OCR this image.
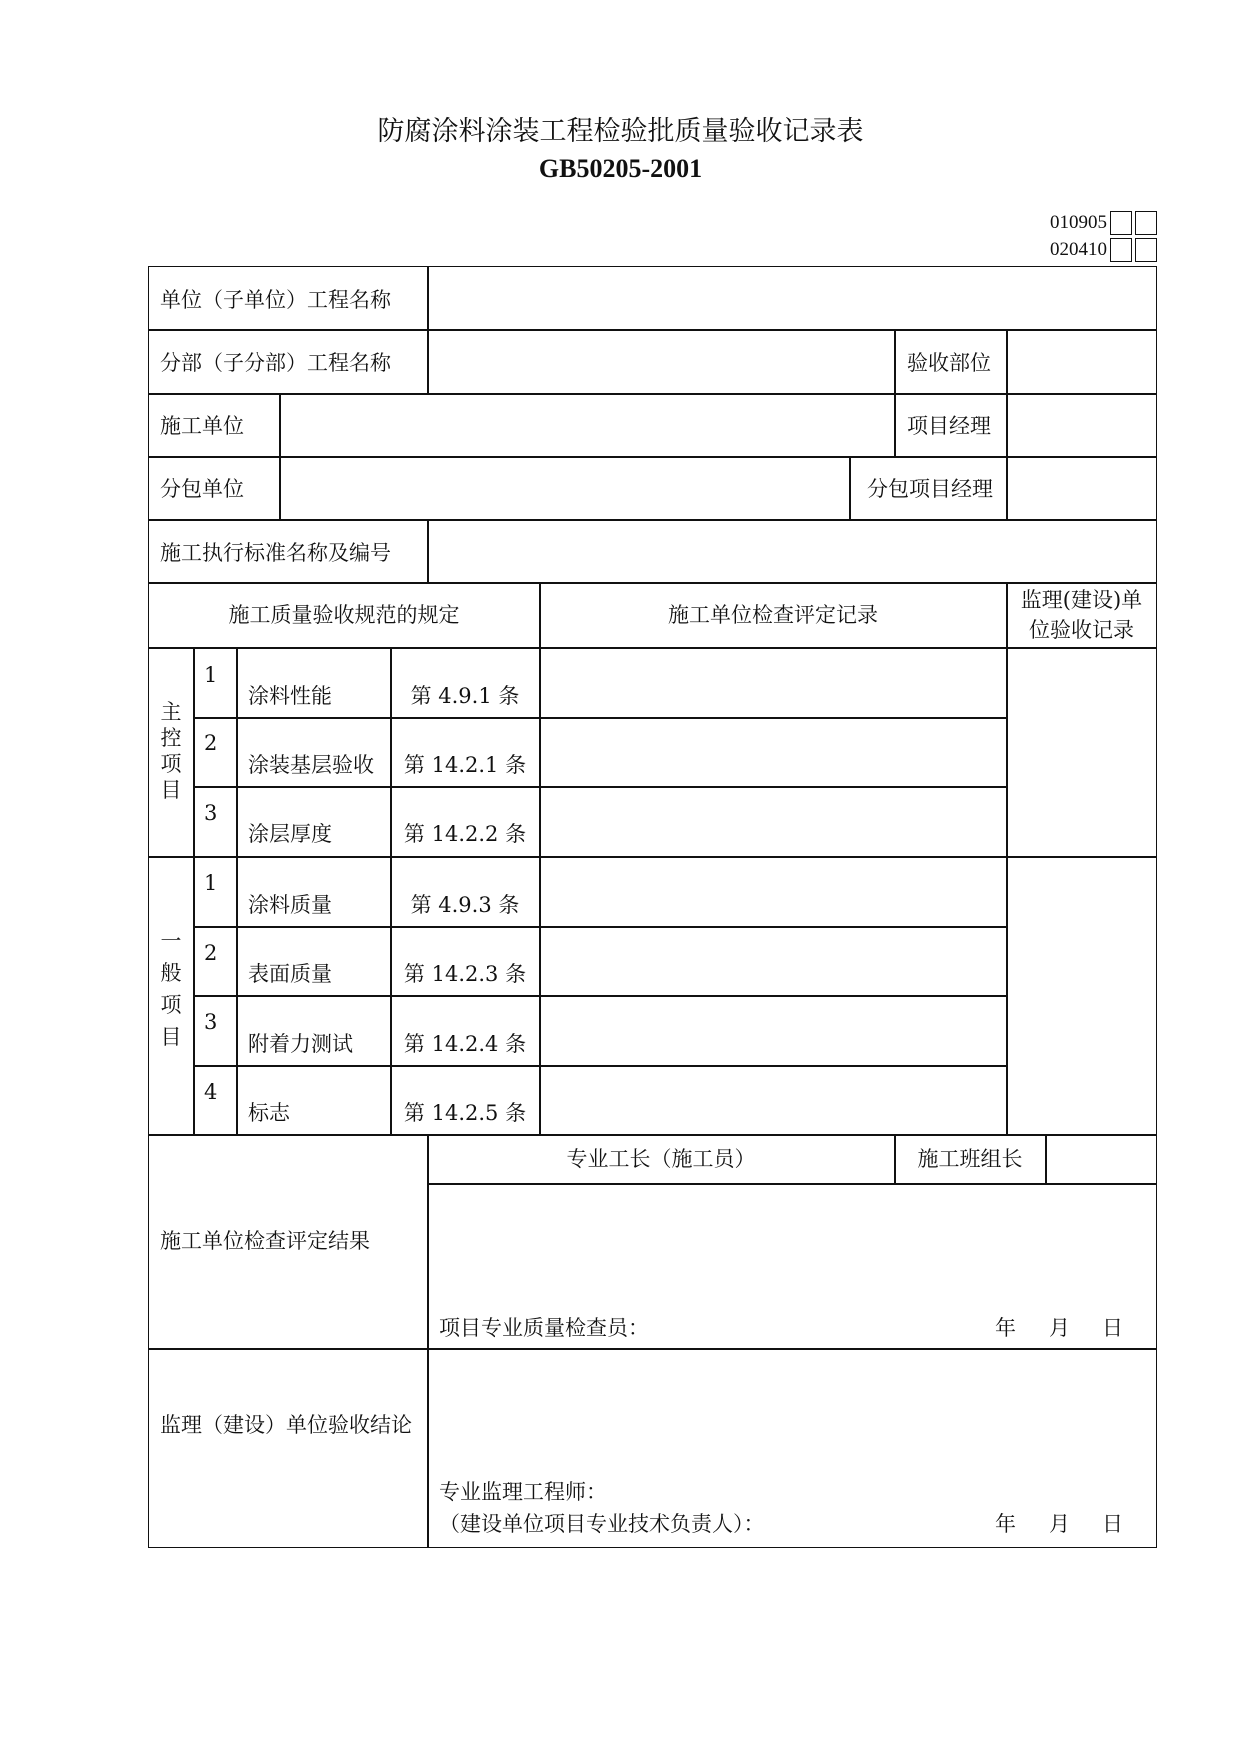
防腐涂料涂装工程检验批质量验收记录表
GB50205-2001
010905
020410
单位（子单位）工程名称
分部（子分部）工程名称	验收部位
施工单位	项目经理
分包单位	分包项目经理
施工执行标准名称及编号
施工质量验收规范的规定	施工单位检查评定记录
监理(建设)单
位验收记录
主
控
项
目
1
涂料性能	第 4.9.1 条
2
涂装基层验收	第 14.2.1 条
3
涂层厚度	第 14.2.2 条
一
般
项
目
1
涂料质量	第 4.9.3 条
2
表面质量	第 14.2.3 条
3
附着力测试	第 14.2.4 条
4
标志	第 14.2.5 条
施工单位检查评定结果
专业工长（施工员）	施工班组长
项目专业质量检查员：	年 月 日
监理（建设）单位验收结论
专业监理工程师：
（建设单位项目专业技术负责人）：	年 月 日
